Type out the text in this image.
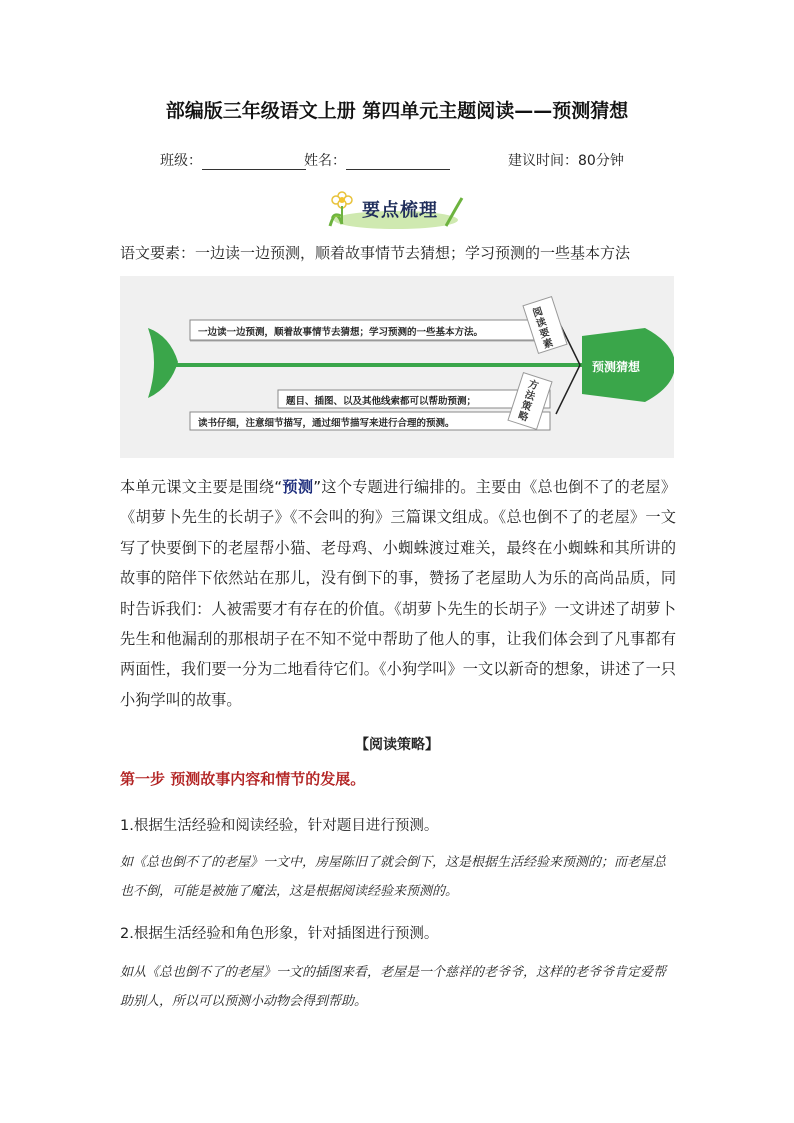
部编版三年级语文上册 第四单元主题阅读——预测猜想
班级：	姓名：	建议时间：80分钟
要点梳理
语文要素：一边读一边预测，顺着故事情节去猜想；学习预测的一些基本方法
一边读一边预测，顺着故事情节去猜想；学习预测的一些基本方法。
题目、插图、以及其他线索都可以帮助预测；
读书仔细，注意细节描写，通过细节描写来进行合理的预测。
预测猜想
阅读要素
方法策略
本单元课文主要是围绕“预测”这个专题进行编排的。主要由《总也倒不了的老屋》《胡萝卜先生的长胡子》《不会叫的狗》三篇课文组成。《总也倒不了的老屋》一文写了快要倒下的老屋帮小猫、老母鸡、小蜘蛛渡过难关，最终在小蜘蛛和其所讲的故事的陪伴下依然站在那儿，没有倒下的事，赞扬了老屋助人为乐的高尚品质，同时告诉我们：人被需要才有存在的价值。《胡萝卜先生的长胡子》一文讲述了胡萝卜先生和他漏刮的那根胡子在不知不觉中帮助了他人的事，让我们体会到了凡事都有两面性，我们要一分为二地看待它们。《小狗学叫》一文以新奇的想象，讲述了一只小狗学叫的故事。
【阅读策略】
第一步 预测故事内容和情节的发展。
1.根据生活经验和阅读经验，针对题目进行预测。
如《总也倒不了的老屋》一文中，房屋陈旧了就会倒下，这是根据生活经验来预测的；而老屋总也不倒，可能是被施了魔法，这是根据阅读经验来预测的。
2.根据生活经验和角色形象，针对插图进行预测。
如从《总也倒不了的老屋》一文的插图来看，老屋是一个慈祥的老爷爷，这样的老爷爷肯定爱帮助别人，所以可以预测小动物会得到帮助。
